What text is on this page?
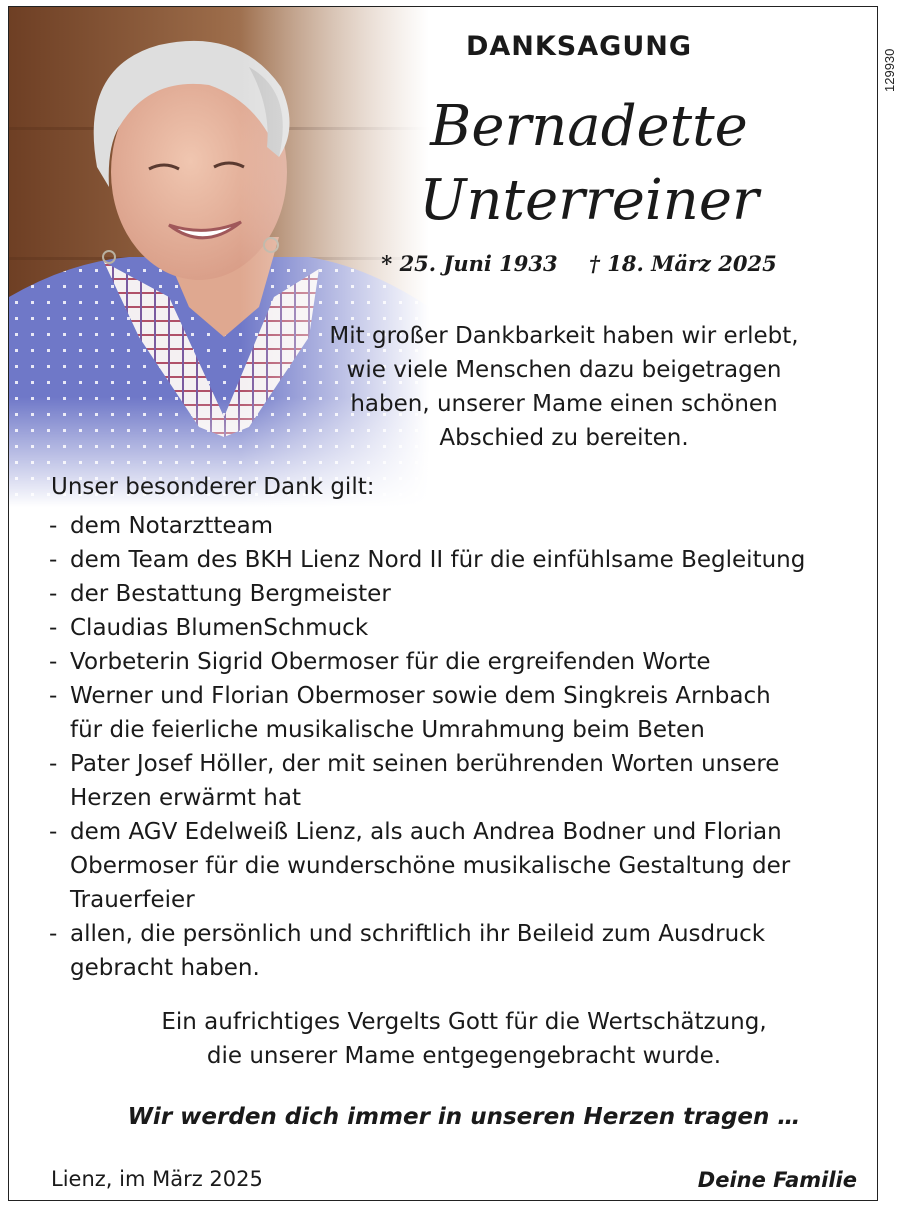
DANKSAGUNG
Bernadette
Unterreiner
* 25. Juni 1933 † 18. März 2025
Mit großer Dankbarkeit haben wir erlebt,
wie viele Menschen dazu beigetragen
haben, unserer Mame einen schönen
Abschied zu bereiten.
Unser besonderer Dank gilt:
- dem Notarztteam
- dem Team des BKH Lienz Nord II für die einfühlsame Begleitung
- der Bestattung Bergmeister
- Claudias BlumenSchmuck
- Vorbeterin Sigrid Obermoser für die ergreifenden Worte
- Werner und Florian Obermoser sowie dem Singkreis Arnbach
für die feierliche musikalische Umrahmung beim Beten
- Pater Josef Höller, der mit seinen berührenden Worten unsere
Herzen erwärmt hat
- dem AGV Edelweiß Lienz, als auch Andrea Bodner und Florian
Obermoser für die wunderschöne musikalische Gestaltung der
Trauerfeier
- allen, die persönlich und schriftlich ihr Beileid zum Ausdruck
gebracht haben.
Ein aufrichtiges Vergelts Gott für die Wertschätzung,
die unserer Mame entgegengebracht wurde.
Wir werden dich immer in unseren Herzen tragen …
Lienz, im März 2025	Deine Familie
129930
